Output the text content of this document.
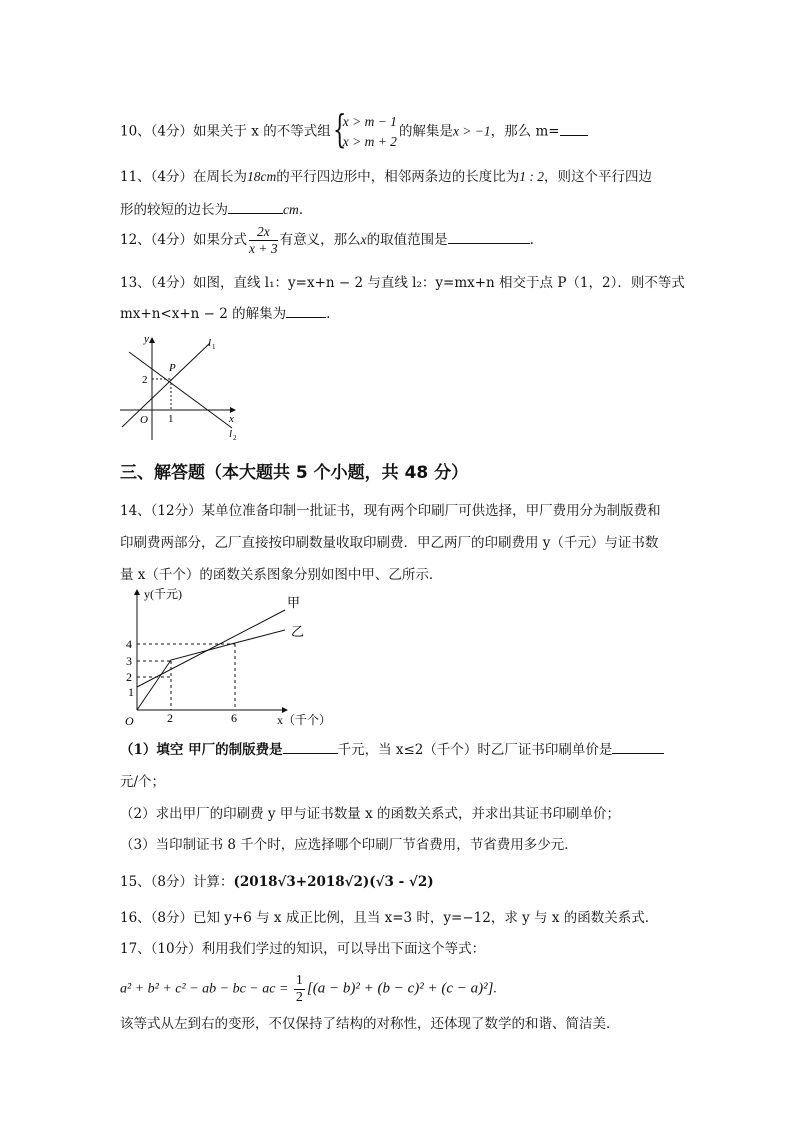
10、（4分）如果关于 x 的不等式组 {
x > m − 1
x > m + 2
的解集是x > −1，那么 m=
11、（4分）在周长为18cm的平行四边形中，相邻两条边的长度比为1 : 2，则这个平行四边
形的较短的边长为	cm.
12、（4分）如果分式 $\frac{2x}{x + 3}$ 有意义，那么x的取值范围是	.
13、（4分）如图，直线 l₁：y=x+n − 2 与直线 l₂：y=mx+n 相交于点 P（1，2）．则不等式
mx+n<x+n − 2 的解集为	.
y
x
O
P
2
1
l 1
l 2
三、解答题（本大题共 5 个小题，共 48 分）
14、（12分）某单位准备印制一批证书，现有两个印刷厂可供选择，甲厂费用分为制版费和
印刷费两部分，乙厂直接按印刷数量收取印刷费．甲乙两厂的印刷费用 y（千元）与证书数
量 x（千个）的函数关系图象分别如图中甲、乙所示．
y(千元)
x（千个）
甲
乙
O
4
3
2
1
2	6
（1）填空 甲厂的制版费是	千元，当 x≤2（千个）时乙厂证书印刷单价是
元/个；
（2）求出甲厂的印刷费 y 甲与证书数量 x 的函数关系式，并求出其证书印刷单价；
（3）当印制证书 8 千个时，应选择哪个印刷厂节省费用，节省费用多少元．
15、（8分）计算：(2018√3+2018√2)(√3 - √2)
16、（8分）已知 y+6 与 x 成正比例，且当 x=3 时，y=−12，求 y 与 x 的函数关系式．
17、（10分）利用我们学过的知识，可以导出下面这个等式：
a² + b² + c² − ab − bc − ac = $\frac{1}{2} [(a - b)^2 + (b - c)^2 + (c - a)^2]$.
该等式从左到右的变形，不仅保持了结构的对称性，还体现了数学的和谐、简洁美．
